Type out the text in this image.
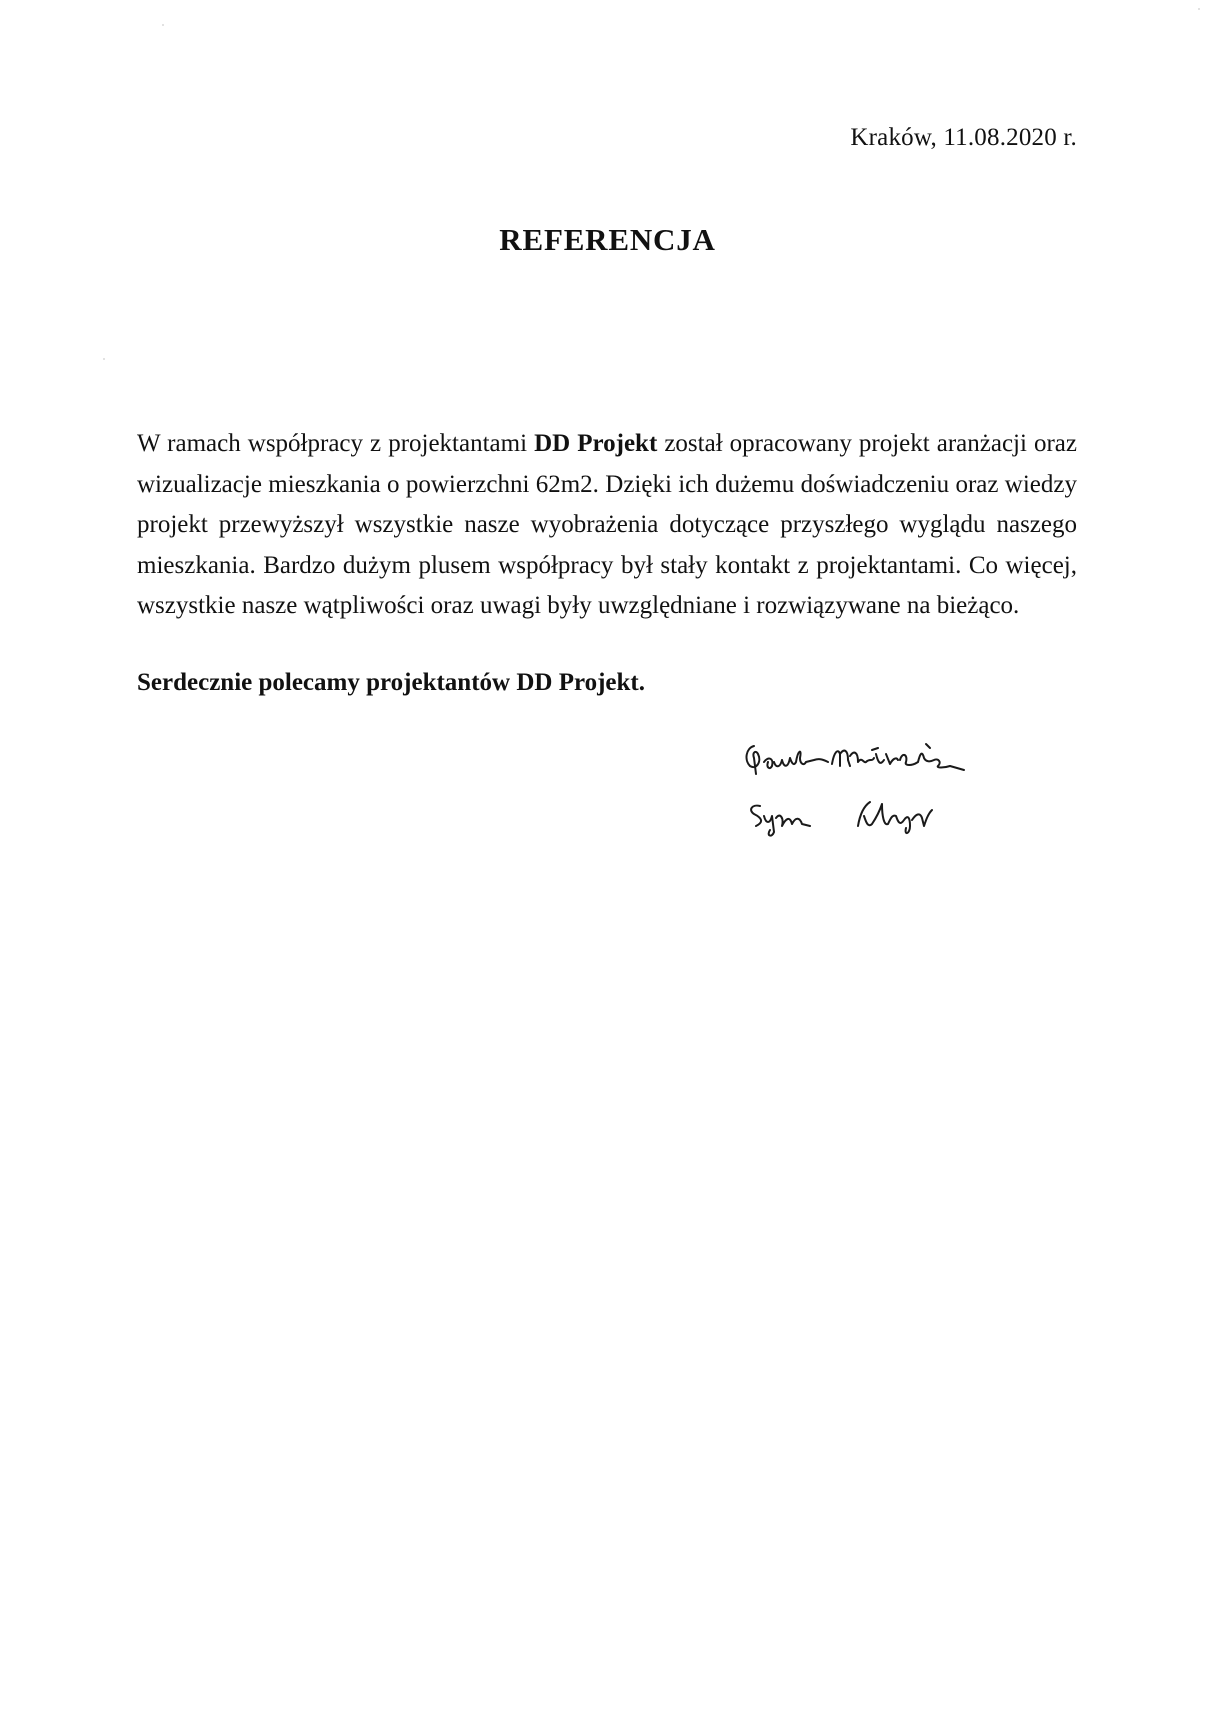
Kraków, 11.08.2020 r.
REFERENCJA
W ramach współpracy z projektantami DD Projekt został opracowany projekt aranżacji oraz wizualizacje mieszkania o powierzchni 62m2. Dzięki ich dużemu doświadczeniu oraz wiedzy projekt przewyższył wszystkie nasze wyobrażenia dotyczące przyszłego wyglądu naszego mieszkania. Bardzo dużym plusem współpracy był stały kontakt z projektantami. Co więcej, wszystkie nasze wątpliwości oraz uwagi były uwzględniane i rozwiązywane na bieżąco.
Serdecznie polecamy projektantów DD Projekt.
